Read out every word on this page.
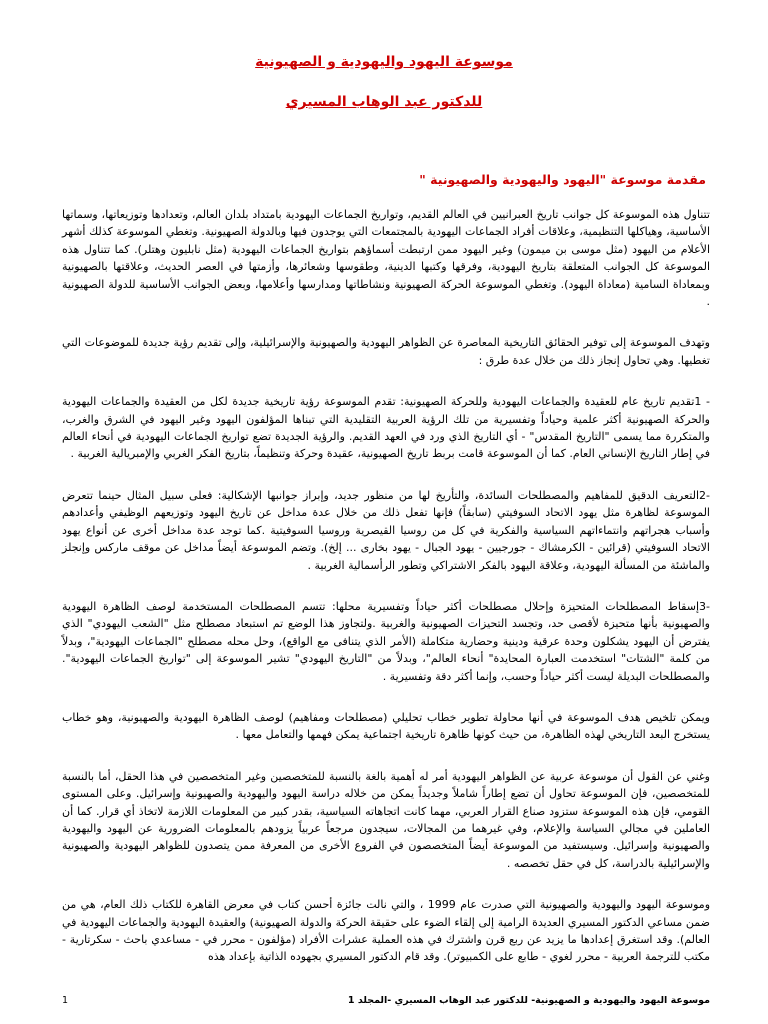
موسوعة اليهود واليهودية و الصهيونية
للدكتور عبد الوهاب المسيري
مقدمة موسوعة "اليهود واليهودية والصهيونية "

تتناول هذه الموسوعة كل جوانب تاريخ العبرانيين في العالم القديم، وتواريخ الجماعات اليهودية بامتداد بلدان العالم، وتعدادها وتوزيعاتها، وسماتها الأساسية، وهياكلها التنظيمية، وعلاقات أفراد الجماعات اليهودية بالمجتمعات التي يوجدون فيها وبالدولة الصهيونية. وتغطي الموسوعة كذلك أشهر الأعلام من اليهود (مثل موسى بن ميمون) وغير اليهود ممن ارتبطت أسماؤهم بتواريخ الجماعات اليهودية (مثل نابليون وهتلر). كما تتناول هذه الموسوعة كل الجوانب المتعلقة بتاريخ اليهودية، وفرقها وكتبها الدينية، وطقوسها وشعائرها، وأزمتها في العصر الحديث، وعلاقتها بالصهيونية وبمعاداة السامية (معاداة اليهود). وتغطي الموسوعة الحركة الصهيونية ونشاطاتها ومدارسها وأعلامها، وبعض الجوانب الأساسية للدولة الصهيونية .

وتهدف الموسوعة إلى توفير الحقائق التاريخية المعاصرة عن الظواهر اليهودية والصهيونية والإسرائيلية، وإلى تقديم رؤية جديدة للموضوعات التي تغطيها. وهي تحاول إنجاز ذلك من خلال عدة طرق :

- 1تقديم تاريخ عام للعقيدة والجماعات اليهودية وللحركة الصهيونية: تقدم الموسوعة رؤية تاريخية جديدة لكل من العقيدة والجماعات اليهودية والحركة الصهيونية أكثر علمية وحياداً وتفسيرية من تلك الرؤية العربية التقليدية التي تبناها المؤلفون اليهود وغير اليهود في الشرق والغرب، والمتكررة مما يسمى "التاريخ المقدس" - أي التاريخ الذي ورد في العهد القديم. والرؤية الجديدة تضع تواريخ الجماعات اليهودية في أنحاء العالم في إطار التاريخ الإنساني العام. كما أن الموسوعة قامت بربط تاريخ الصهيونية، عقيدة وحركة وتنظيماً، بتاريخ الفكر الغربي والإمبريالية الغربية .

-2التعريف الدقيق للمفاهيم والمصطلحات السائدة، والتأريخ لها من منظور جديد، وإبراز جوانبها الإشكالية: فعلى سبيل المثال حينما تتعرض الموسوعة لظاهرة مثل يهود الاتحاد السوفيتي (سابقاً) فإنها تفعل ذلك من خلال عدة مداخل عن تاريخ اليهود وتوزيعهم الوظيفي وأعدادهم وأسباب هجراتهم وانتماءاتهم السياسية والفكرية في كل من روسيا القيصرية وروسيا السوفيتية .كما توجد عدة مداخل أخرى عن أنواع يهود الاتحاد السوفيتي (قرائين - الكرمشاك - جورجيين - يهود الجبال - يهود بخارى ... إلخ). وتضم الموسوعة أيضاً مداخل عن موقف ماركس وإنجلز والماشئة من المسألة اليهودية، وعلاقة اليهود بالفكر الاشتراكي وتطور الرأسمالية الغربية .

-3إسقاط المصطلحات المتحيزة وإحلال مصطلحات أكثر حياداً وتفسيرية محلها: تتسم المصطلحات المستخدمة لوصف الظاهرة اليهودية والصهيونية بأنها متحيزة لأقصى حد، وتجسد التحيزات الصهيونية والغربية .ولتجاوز هذا الوضع تم استبعاد مصطلح مثل "الشعب اليهودي" الذي يفترض أن اليهود يشكلون وحدة عرقية ودينية وحضارية متكاملة (الأمر الذي يتنافى مع الواقع)، وحل محله مصطلح "الجماعات اليهودية"، وبدلاً من كلمة "الشتات" استخدمت العبارة المحايدة" أنحاء العالم"، وبدلاً من "التاريخ اليهودي" تشير الموسوعة إلى "تواريخ الجماعات اليهودية". والمصطلحات البديلة ليست أكثر حياداً وحسب، وإنما أكثر دقة وتفسيرية .

ويمكن تلخيص هدف الموسوعة في أنها محاولة تطوير خطاب تحليلي (مصطلحات ومفاهيم) لوصف الظاهرة اليهودية والصهيونية، وهو خطاب يستخرج البعد التاريخي لهذه الظاهرة، من حيث كونها ظاهرة تاريخية اجتماعية يمكن فهمها والتعامل معها .

وغني عن القول أن موسوعة عربية عن الظواهر اليهودية أمر له أهمية بالغة بالنسبة للمتخصصين وغير المتخصصين في هذا الحقل، أما بالنسبة للمتخصصين، فإن الموسوعة تحاول أن تضع إطاراً شاملاً وجديداً يمكن من خلاله دراسة اليهود واليهودية والصهيونية وإسرائيل. وعلى المستوى القومي، فإن هذه الموسوعة ستزود صناع القرار العربي، مهما كانت اتجاهاته السياسية، بقدر كبير من المعلومات اللازمة لاتخاذ أي قرار. كما أن العاملين في مجالي السياسة والإعلام، وفي غيرهما من المجالات، سيجدون مرجعاً عربياً يزودهم بالمعلومات الضرورية عن اليهود واليهودية والصهيونية وإسرائيل. وسيستفيد من الموسوعة أيضاً المتخصصون في الفروع الأخرى من المعرفة ممن يتصدون للظواهر اليهودية والصهيونية والإسرائيلية بالدراسة، كل في حقل تخصصه .

وموسوعة اليهود واليهودية والصهيونية التي صدرت عام 1999 ، والتي نالت جائزة أحسن كتاب في معرض القاهرة للكتاب ذلك العام، هي من ضمن مساعي الدكتور المسيري العديدة الرامية إلى إلقاء الضوء على حقيقة الحركة والدولة الصهيونية) والعقيدة اليهودية والجماعات اليهودية في العالم). وقد استغرق إعدادها ما يزيد عن ربع قرن واشترك في هذه العملية عشرات الأفراد (مؤلفون - محرر في - مساعدي باحث - سكرتارية - مكتب للترجمة العربية - محرر لغوي - طابع على الكمبيوتر). وقد قام الدكتور المسيري بجهوده الذاتية بإعداد هذه

1	موسوعة اليهود واليهودية و الصهيونية- للدكتور عبد الوهاب المسيري -المجلد 1
